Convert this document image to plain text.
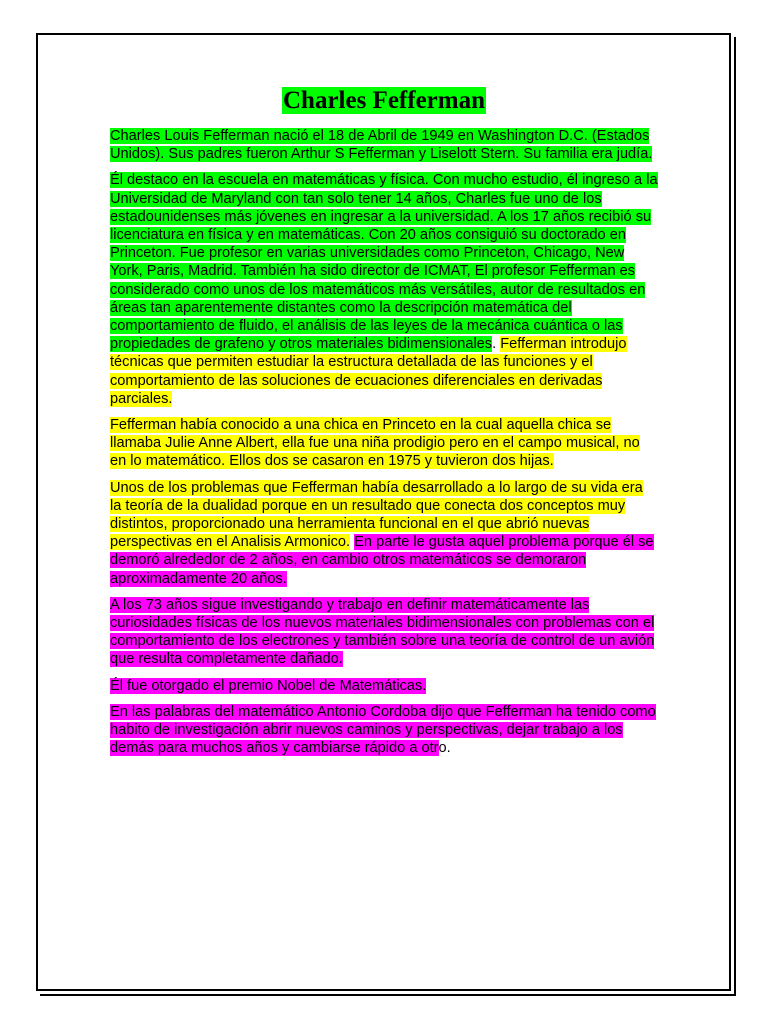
Charles Fefferman

Charles Louis Fefferman nació el 18 de Abril de 1949 en Washington D.C. (Estados Unidos). Sus padres fueron Arthur S Fefferman y Liselott Stern. Su familia era judía.

Él destaco en la escuela en matemáticas y física. Con mucho estudio, él ingreso a la Universidad de Maryland con tan solo tener 14 años, Charles fue uno de los estadounidenses más jóvenes en ingresar a la universidad. A los 17 años recibió su licenciatura en física y en matemáticas. Con 20 años consiguió su doctorado en Princeton. Fue profesor en varias universidades como Princeton, Chicago, New York, Paris, Madrid. También ha sido director de ICMAT, El profesor Fefferman es considerado como unos de los matemáticos más versátiles, autor de resultados en áreas tan aparentemente distantes como la descripción matemática del comportamiento de fluido, el análisis de las leyes de la mecánica cuántica o las propiedades de grafeno y otros materiales bidimensionales. Fefferman introdujo técnicas que permiten estudiar la estructura detallada de las funciones y el comportamiento de las soluciones de ecuaciones diferenciales en derivadas parciales.

Fefferman había conocido a una chica en Princeto en la cual aquella chica se llamaba Julie Anne Albert, ella fue una niña prodigio pero en el campo musical, no en lo matemático. Ellos dos se casaron en 1975 y tuvieron dos hijas.

Unos de los problemas que Fefferman había desarrollado a lo largo de su vida era la teoría de la dualidad porque en un resultado que conecta dos conceptos muy distintos, proporcionado una herramienta funcional en el que abrió nuevas perspectivas en el Analisis Armonico. En parte le gusta aquel problema porque él se demoró alrededor de 2 años, en cambio otros matemáticos se demoraron aproximadamente 20 años.

A los 73 años sigue investigando y trabajo en definir matemáticamente las curiosidades físicas de los nuevos materiales bidimensionales con problemas con el comportamiento de los electrones y también sobre una teoría de control de un avión que resulta completamente dañado.

Él fue otorgado el premio Nobel de Matemáticas.

En las palabras del matemático Antonio Cordoba dijo que Fefferman ha tenido como habito de investigación abrir nuevos caminos y perspectivas, dejar trabajo a los demás para muchos años y cambiarse rápido a otro.
